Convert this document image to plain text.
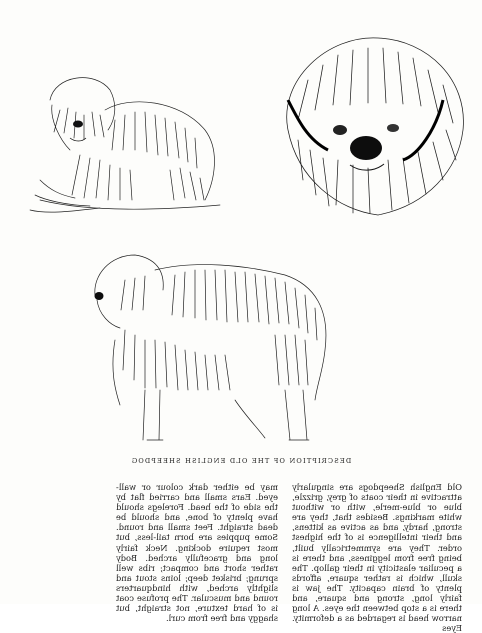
DESCRIPTION OF THE OLD ENGLISH SHEEPDOG
Old English Sheepdogs are singularly attractive in their coats of grey, grizzle, blue or blue-merle, with or without white markings. Besides that, they are strong, hardy, and as active as kittens, and their intelligence is of the highest order. They are symmetrically built, being free from legginess, and there is a peculiar elasticity in their gallop. The skull, which is rather square, affords plenty of brain capacity. The jaw is fairly long, strong and square, and there is a stop between the eyes. A long narrow head is regarded as a deformity. Eyes
may be either dark colour or wall-eyed. Ears small and carried flat by the side of the head. Forelegs should have plenty of bone, and should be dead straight. Feet small and round. Some puppies are born tail-less, but most require docking. Neck fairly long and gracefully arched. Body rather short and compact; ribs well sprung; brisket deep; loins stout and slightly arched, with hindquarters round and muscular. The profuse coat is of hard texture, not straight, but shaggy and free from curl.
